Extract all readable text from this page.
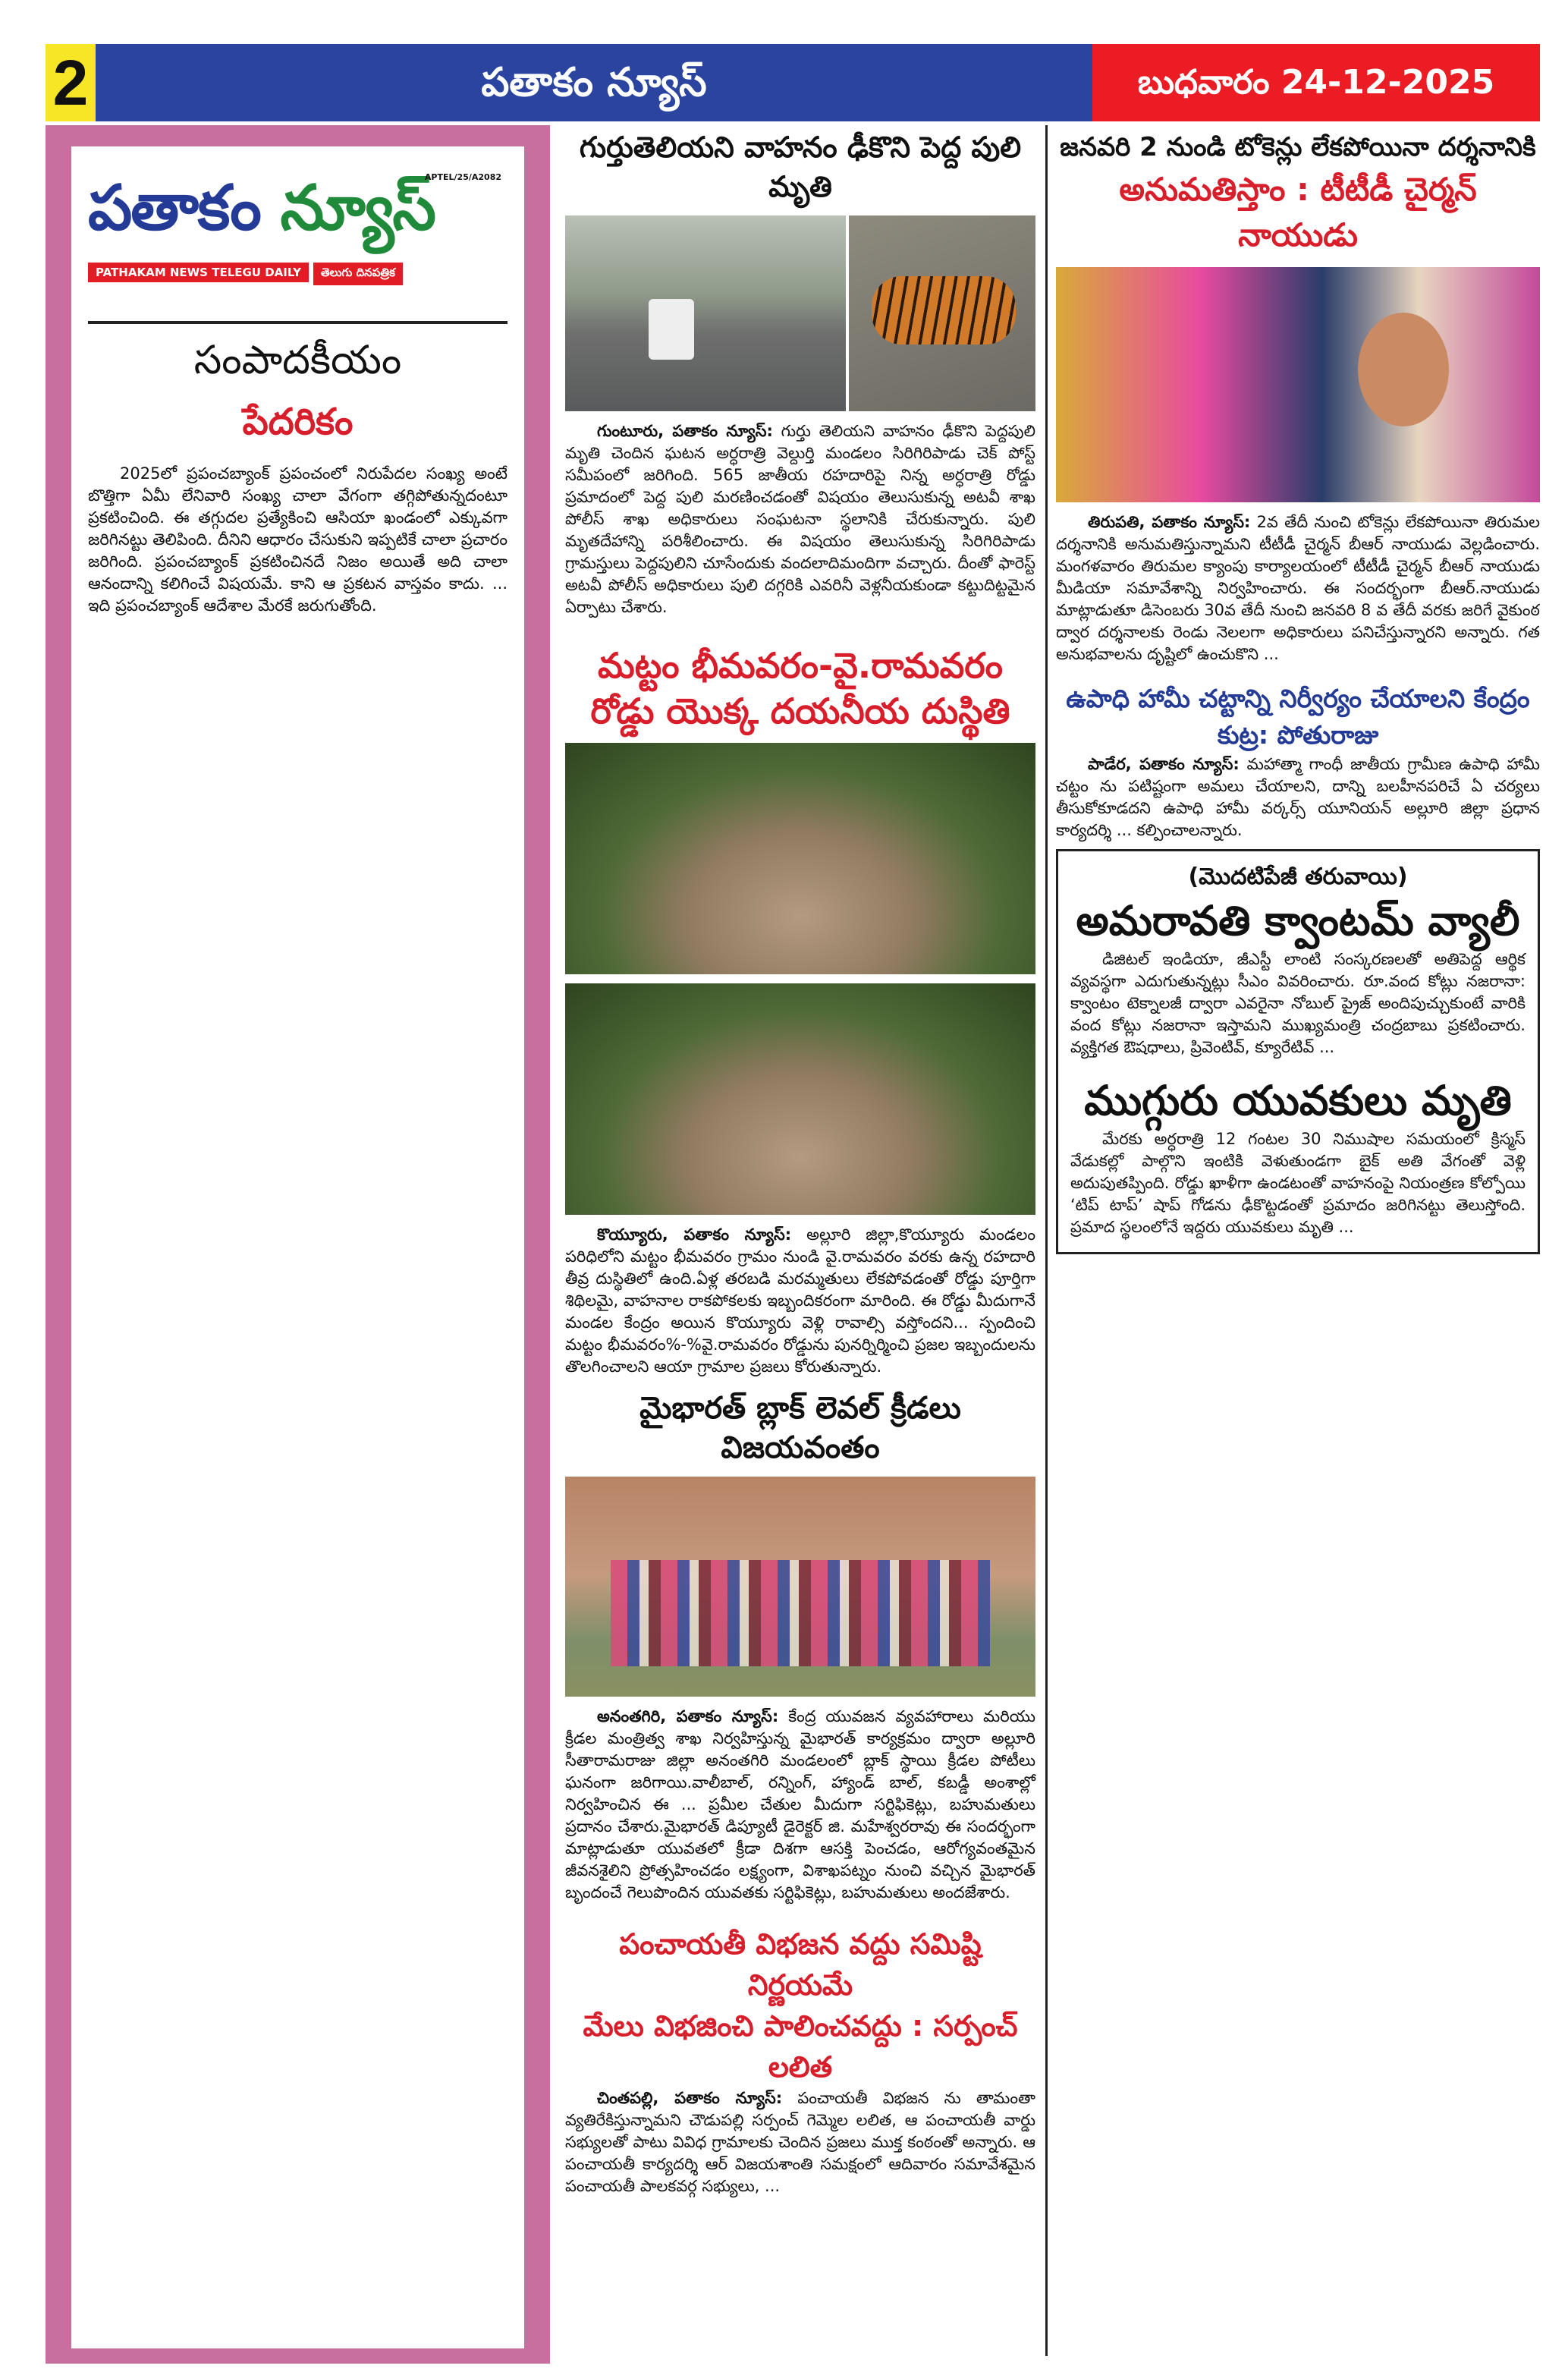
2	పతాకం న్యూస్	బుధవారం 24-12-2025
APTEL/25/A2082
పతాకం న్యూస్
PATHAKAM NEWS TELEGU DAILY తెలుగు దినపత్రిక
సంపాదకీయం
పేదరికం

2025లో ప్రపంచబ్యాంక్ ప్రపంచంలో నిరుపేదల సంఖ్య అంటే బొత్తిగా ఏమీ లేనివారి సంఖ్య చాలా వేగంగా తగ్గిపోతున్నదంటూ ప్రకటించింది. ఈ తగ్గుదల ప్రత్యేకించి ఆసియా ఖండంలో ఎక్కువగా జరిగినట్టు తెలిపింది. దీనిని ఆధారం చేసుకుని ఇప్పటికే చాలా ప్రచారం జరిగింది. ప్రపంచబ్యాంక్ ప్రకటించినదే నిజం అయితే అది చాలా ఆనందాన్ని కలిగించే విషయమే. కాని ఆ ప్రకటన వాస్తవం కాదు. ... ఇది ప్రపంచబ్యాంక్ ఆదేశాల మేరకే జరుగుతోంది.

గుర్తుతెలియని వాహనం ఢీకొని పెద్ద పులి మృతి

గుంటూరు, పతాకం న్యూస్: గుర్తు తెలియని వాహనం ఢీకొని పెద్దపులి మృతి చెందిన ఘటన అర్ధరాత్రి వెల్దుర్తి మండలం సిరిగిరిపాడు చెక్ పోస్ట్ సమీపంలో జరిగింది. 565 జాతీయ రహదారిపై నిన్న అర్ధరాత్రి రోడ్డు ప్రమాదంలో పెద్ద పులి మరణించడంతో విషయం తెలుసుకున్న అటవీ శాఖ పోలీస్ శాఖ అధికారులు సంఘటనా స్థలానికి చేరుకున్నారు. పులి మృతదేహాన్ని పరిశీలించారు. ఈ విషయం తెలుసుకున్న సిరిగిరిపాడు గ్రామస్తులు పెద్దపులిని చూసేందుకు వందలాదిమందిగా వచ్చారు. దీంతో ఫారెస్ట్ అటవీ పోలీస్ అధికారులు పులి దగ్గరికి ఎవరినీ వెళ్లనీయకుండా కట్టుదిట్టమైన ఏర్పాటు చేశారు.

మట్టం భీమవరం-వై.రామవరం
రోడ్డు యొక్క దయనీయ దుస్థితి

కొయ్యూరు, పతాకం న్యూస్: అల్లూరి జిల్లా,కొయ్యూరు మండలం పరిధిలోని మట్టం భీమవరం గ్రామం నుండి వై.రామవరం వరకు ఉన్న రహదారి తీవ్ర దుస్థితిలో ఉంది.ఏళ్ల తరబడి మరమ్మతులు లేకపోవడంతో రోడ్డు పూర్తిగా శిథిలమై, వాహనాల రాకపోకలకు ఇబ్బందికరంగా మారింది. ఈ రోడ్డు మీదుగానే మండల కేంద్రం అయిన కొయ్యూరు వెళ్లి రావాల్సి వస్తోందని... స్పందించి మట్టం భీమవరం%-%వై.రామవరం రోడ్డును పునర్నిర్మించి ప్రజల ఇబ్బందులను తొలగించాలని ఆయా గ్రామాల ప్రజలు కోరుతున్నారు.

మైభారత్ బ్లాక్ లెవల్ క్రీడలు విజయవంతం

అనంతగిరి, పతాకం న్యూస్: కేంద్ర యువజన వ్యవహారాలు మరియు క్రీడల మంత్రిత్వ శాఖ నిర్వహిస్తున్న మైభారత్ కార్యక్రమం ద్వారా అల్లూరి సీతారామరాజు జిల్లా అనంతగిరి మండలంలో బ్లాక్ స్థాయి క్రీడల పోటీలు ఘనంగా జరిగాయి.వాలీబాల్, రన్నింగ్, హ్యాండ్ బాల్, కబడ్డీ అంశాల్లో నిర్వహించిన ఈ ... ప్రమీల చేతుల మీదుగా సర్టిఫికెట్లు, బహుమతులు ప్రదానం చేశారు.మైభారత్ డిప్యూటీ డైరెక్టర్ జి. మహేశ్వరరావు ఈ సందర్భంగా మాట్లాడుతూ యువతలో క్రీడా దిశగా ఆసక్తి పెంచడం, ఆరోగ్యవంతమైన జీవనశైలిని ప్రోత్సహించడం లక్ష్యంగా, విశాఖపట్నం నుంచి వచ్చిన మైభారత్ బృందంచే గెలుపొందిన యువతకు సర్టిఫికెట్లు, బహుమతులు అందజేశారు.

పంచాయతీ విభజన వద్దు సమిష్టి నిర్ణయమే
మేలు విభజించి పాలించవద్దు : సర్పంచ్ లలిత

చింతపల్లి, పతాకం న్యూస్: పంచాయతీ విభజన ను తామంతా వ్యతిరేకిస్తున్నామని చౌడుపల్లి సర్పంచ్ గెమ్మెల లలిత, ఆ పంచాయతీ వార్డు సభ్యులతో పాటు వివిధ గ్రామాలకు చెందిన ప్రజలు ముక్త కంఠంతో అన్నారు. ఆ పంచాయతీ కార్యదర్శి ఆర్ విజయశాంతి సమక్షంలో ఆదివారం సమావేశమైన పంచాయతీ పాలకవర్గ సభ్యులు, ...

జనవరి 2 నుండి టోకెన్లు లేకపోయినా దర్శనానికి
అనుమతిస్తాం : టీటీడీ చైర్మన్ నాయుడు

తిరుపతి, పతాకం న్యూస్: 2వ తేదీ నుంచి టోకెన్లు లేకపోయినా తిరుమల దర్శనానికి అనుమతిస్తున్నామని టీటీడీ చైర్మన్ బీఆర్ నాయుడు వెల్లడించారు. మంగళవారం తిరుమల క్యాంపు కార్యాలయంలో టీటీడీ చైర్మన్ బీఆర్ నాయుడు మీడియా సమావేశాన్ని నిర్వహించారు. ఈ సందర్భంగా బీఆర్.నాయుడు మాట్లాడుతూ డిసెంబరు 30వ తేదీ నుంచి జనవరి 8 వ తేదీ వరకు జరిగే వైకుంఠ ద్వార దర్శనాలకు రెండు నెలలగా అధికారులు పనిచేస్తున్నారని అన్నారు. గత అనుభవాలను దృష్టిలో ఉంచుకొని ...

ఉపాధి హామీ చట్టాన్ని నిర్వీర్యం చేయాలని కేంద్రం కుట్ర: పోతురాజు

పాడేర, పతాకం న్యూస్: మహాత్మా గాంధీ జాతీయ గ్రామీణ ఉపాధి హామీ చట్టం ను పటిష్టంగా అమలు చేయాలని, దాన్ని బలహీనపరిచే ఏ చర్యలు తీసుకోకూడదని ఉపాధి హామీ వర్కర్స్ యూనియన్ అల్లూరి జిల్లా ప్రధాన కార్యదర్శి ... కల్పించాలన్నారు.

(మొదటిపేజీ తరువాయి)
అమరావతి క్వాంటమ్ వ్యాలీ

డిజిటల్ ఇండియా, జీఎస్టీ లాంటి సంస్కరణలతో అతిపెద్ద ఆర్థిక వ్యవస్థగా ఎదుగుతున్నట్లు సీఎం వివరించారు. రూ.వంద కోట్లు నజరానా: క్వాంటం టెక్నాలజీ ద్వారా ఎవరైనా నోబుల్ ప్రైజ్ అందిపుచ్చుకుంటే వారికి వంద కోట్లు నజరానా ఇస్తామని ముఖ్యమంత్రి చంద్రబాబు ప్రకటించారు. వ్యక్తిగత ఔషధాలు, ప్రివెంటివ్, క్యూరేటివ్ ...

ముగ్గురు యువకులు మృతి

మేరకు అర్ధరాత్రి 12 గంటల 30 నిముషాల సమయంలో క్రిస్మస్ వేడుకల్లో పాల్గొని ఇంటికి వెళుతుండగా బైక్ అతి వేగంతో వెళ్లి అదుపుతప్పింది. రోడ్డు ఖాళీగా ఉండటంతో వాహనంపై నియంత్రణ కోల్పోయి ‘టిప్ టాప్’ షాప్ గోడను ఢీకొట్టడంతో ప్రమాదం జరిగినట్టు తెలుస్తోంది. ప్రమాద స్థలంలోనే ఇద్దరు యువకులు మృతి ...
